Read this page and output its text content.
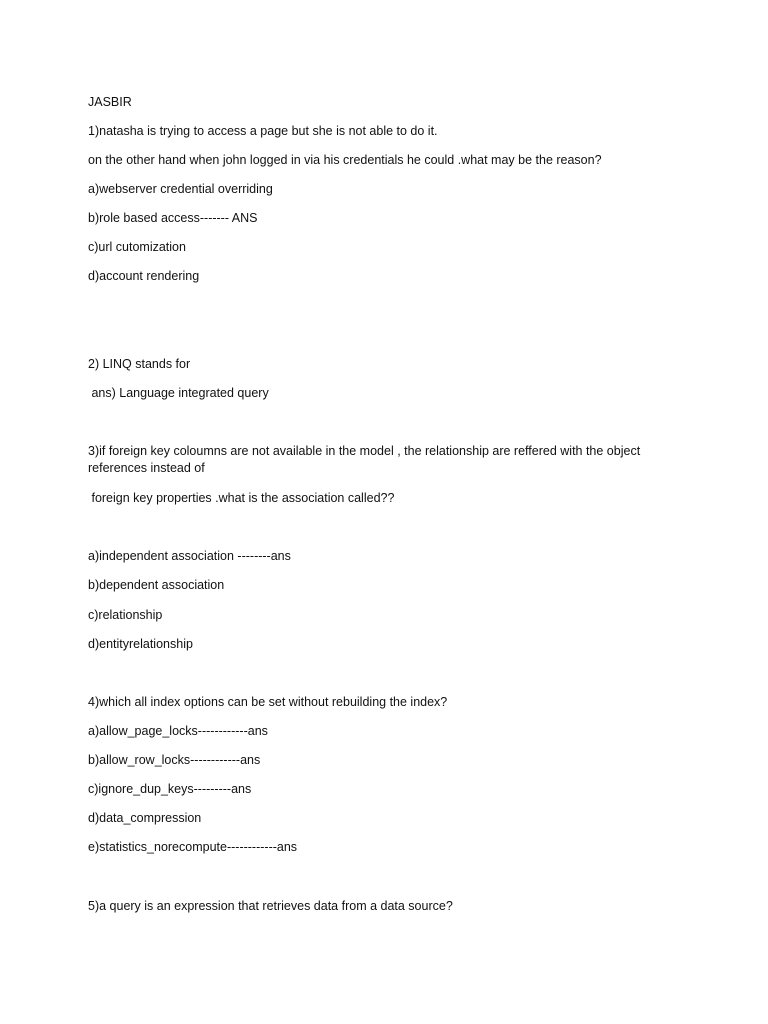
JASBIR

1)natasha is trying to access a page but she is not able to do it.

on the other hand when john logged in via his credentials he could .what may be the reason?

a)webserver credential overriding

b)role based access------- ANS

c)url cutomization

d)account rendering

2) LINQ stands for

ans) Language integrated query

3)if foreign key coloumns are not available in the model , the relationship are reffered with the object references instead of

foreign key properties .what is the association called??

a)independent association --------ans

b)dependent association

c)relationship

d)entityrelationship

4)which all index options can be set without rebuilding the index?

a)allow_page_locks------------ans

b)allow_row_locks------------ans

c)ignore_dup_keys---------ans

d)data_compression

e)statistics_norecompute------------ans

5)a query is an expression that retrieves data from a data source?
